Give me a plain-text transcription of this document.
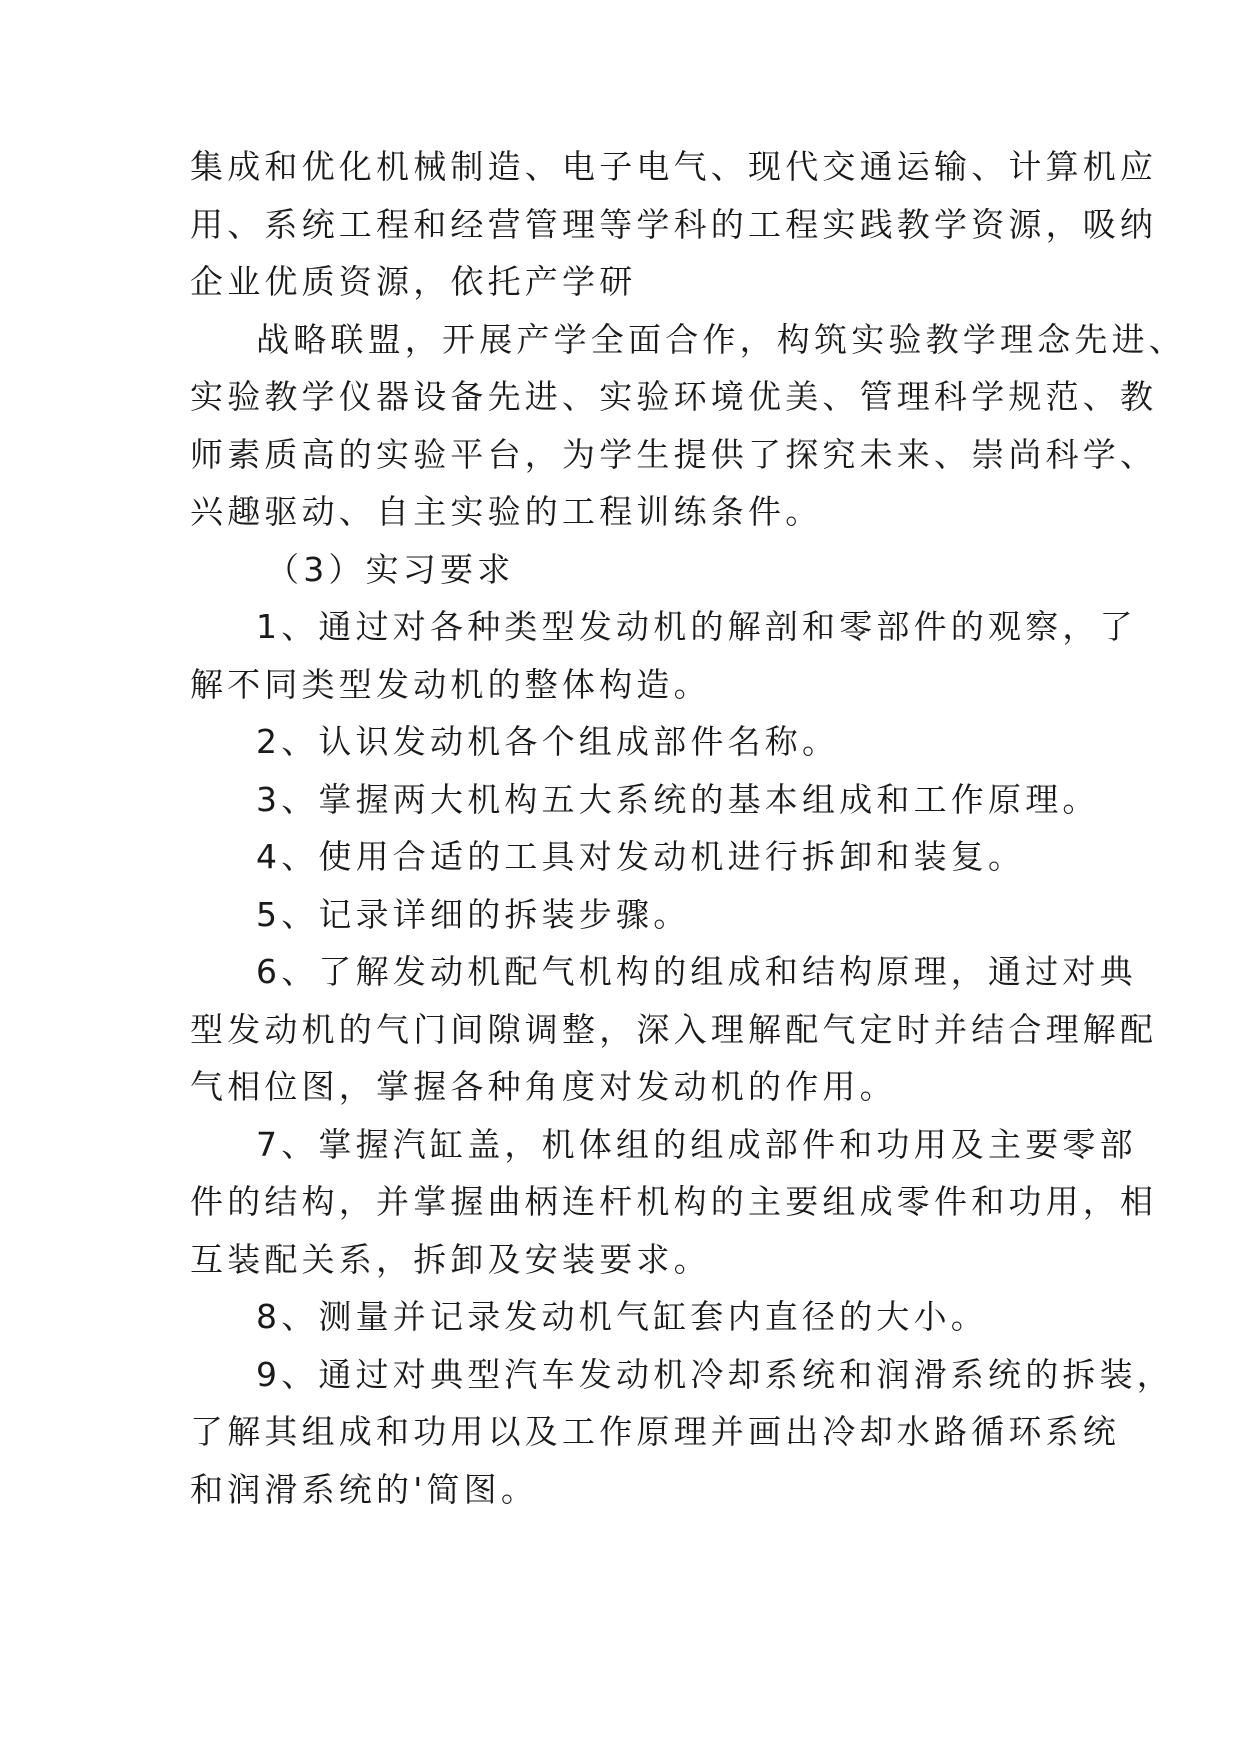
集成和优化机械制造、电子电气、现代交通运输、计算机应

用、系统工程和经营管理等学科的工程实践教学资源，吸纳

企业优质资源，依托产学研

战略联盟，开展产学全面合作，构筑实验教学理念先进、

实验教学仪器设备先进、实验环境优美、管理科学规范、教

师素质高的实验平台，为学生提供了探究未来、崇尚科学、

兴趣驱动、自主实验的工程训练条件。

（3）实习要求

1、通过对各种类型发动机的解剖和零部件的观察，了

解不同类型发动机的整体构造。

2、认识发动机各个组成部件名称。

3、掌握两大机构五大系统的基本组成和工作原理。

4、使用合适的工具对发动机进行拆卸和装复。

5、记录详细的拆装步骤。

6、了解发动机配气机构的组成和结构原理，通过对典

型发动机的气门间隙调整，深入理解配气定时并结合理解配

气相位图，掌握各种角度对发动机的作用。

7、掌握汽缸盖，机体组的组成部件和功用及主要零部

件的结构，并掌握曲柄连杆机构的主要组成零件和功用，相

互装配关系，拆卸及安装要求。

8、测量并记录发动机气缸套内直径的大小。

9、通过对典型汽车发动机冷却系统和润滑系统的拆装，

了解其组成和功用以及工作原理并画出冷却水路循环系统

和润滑系统的'简图。
